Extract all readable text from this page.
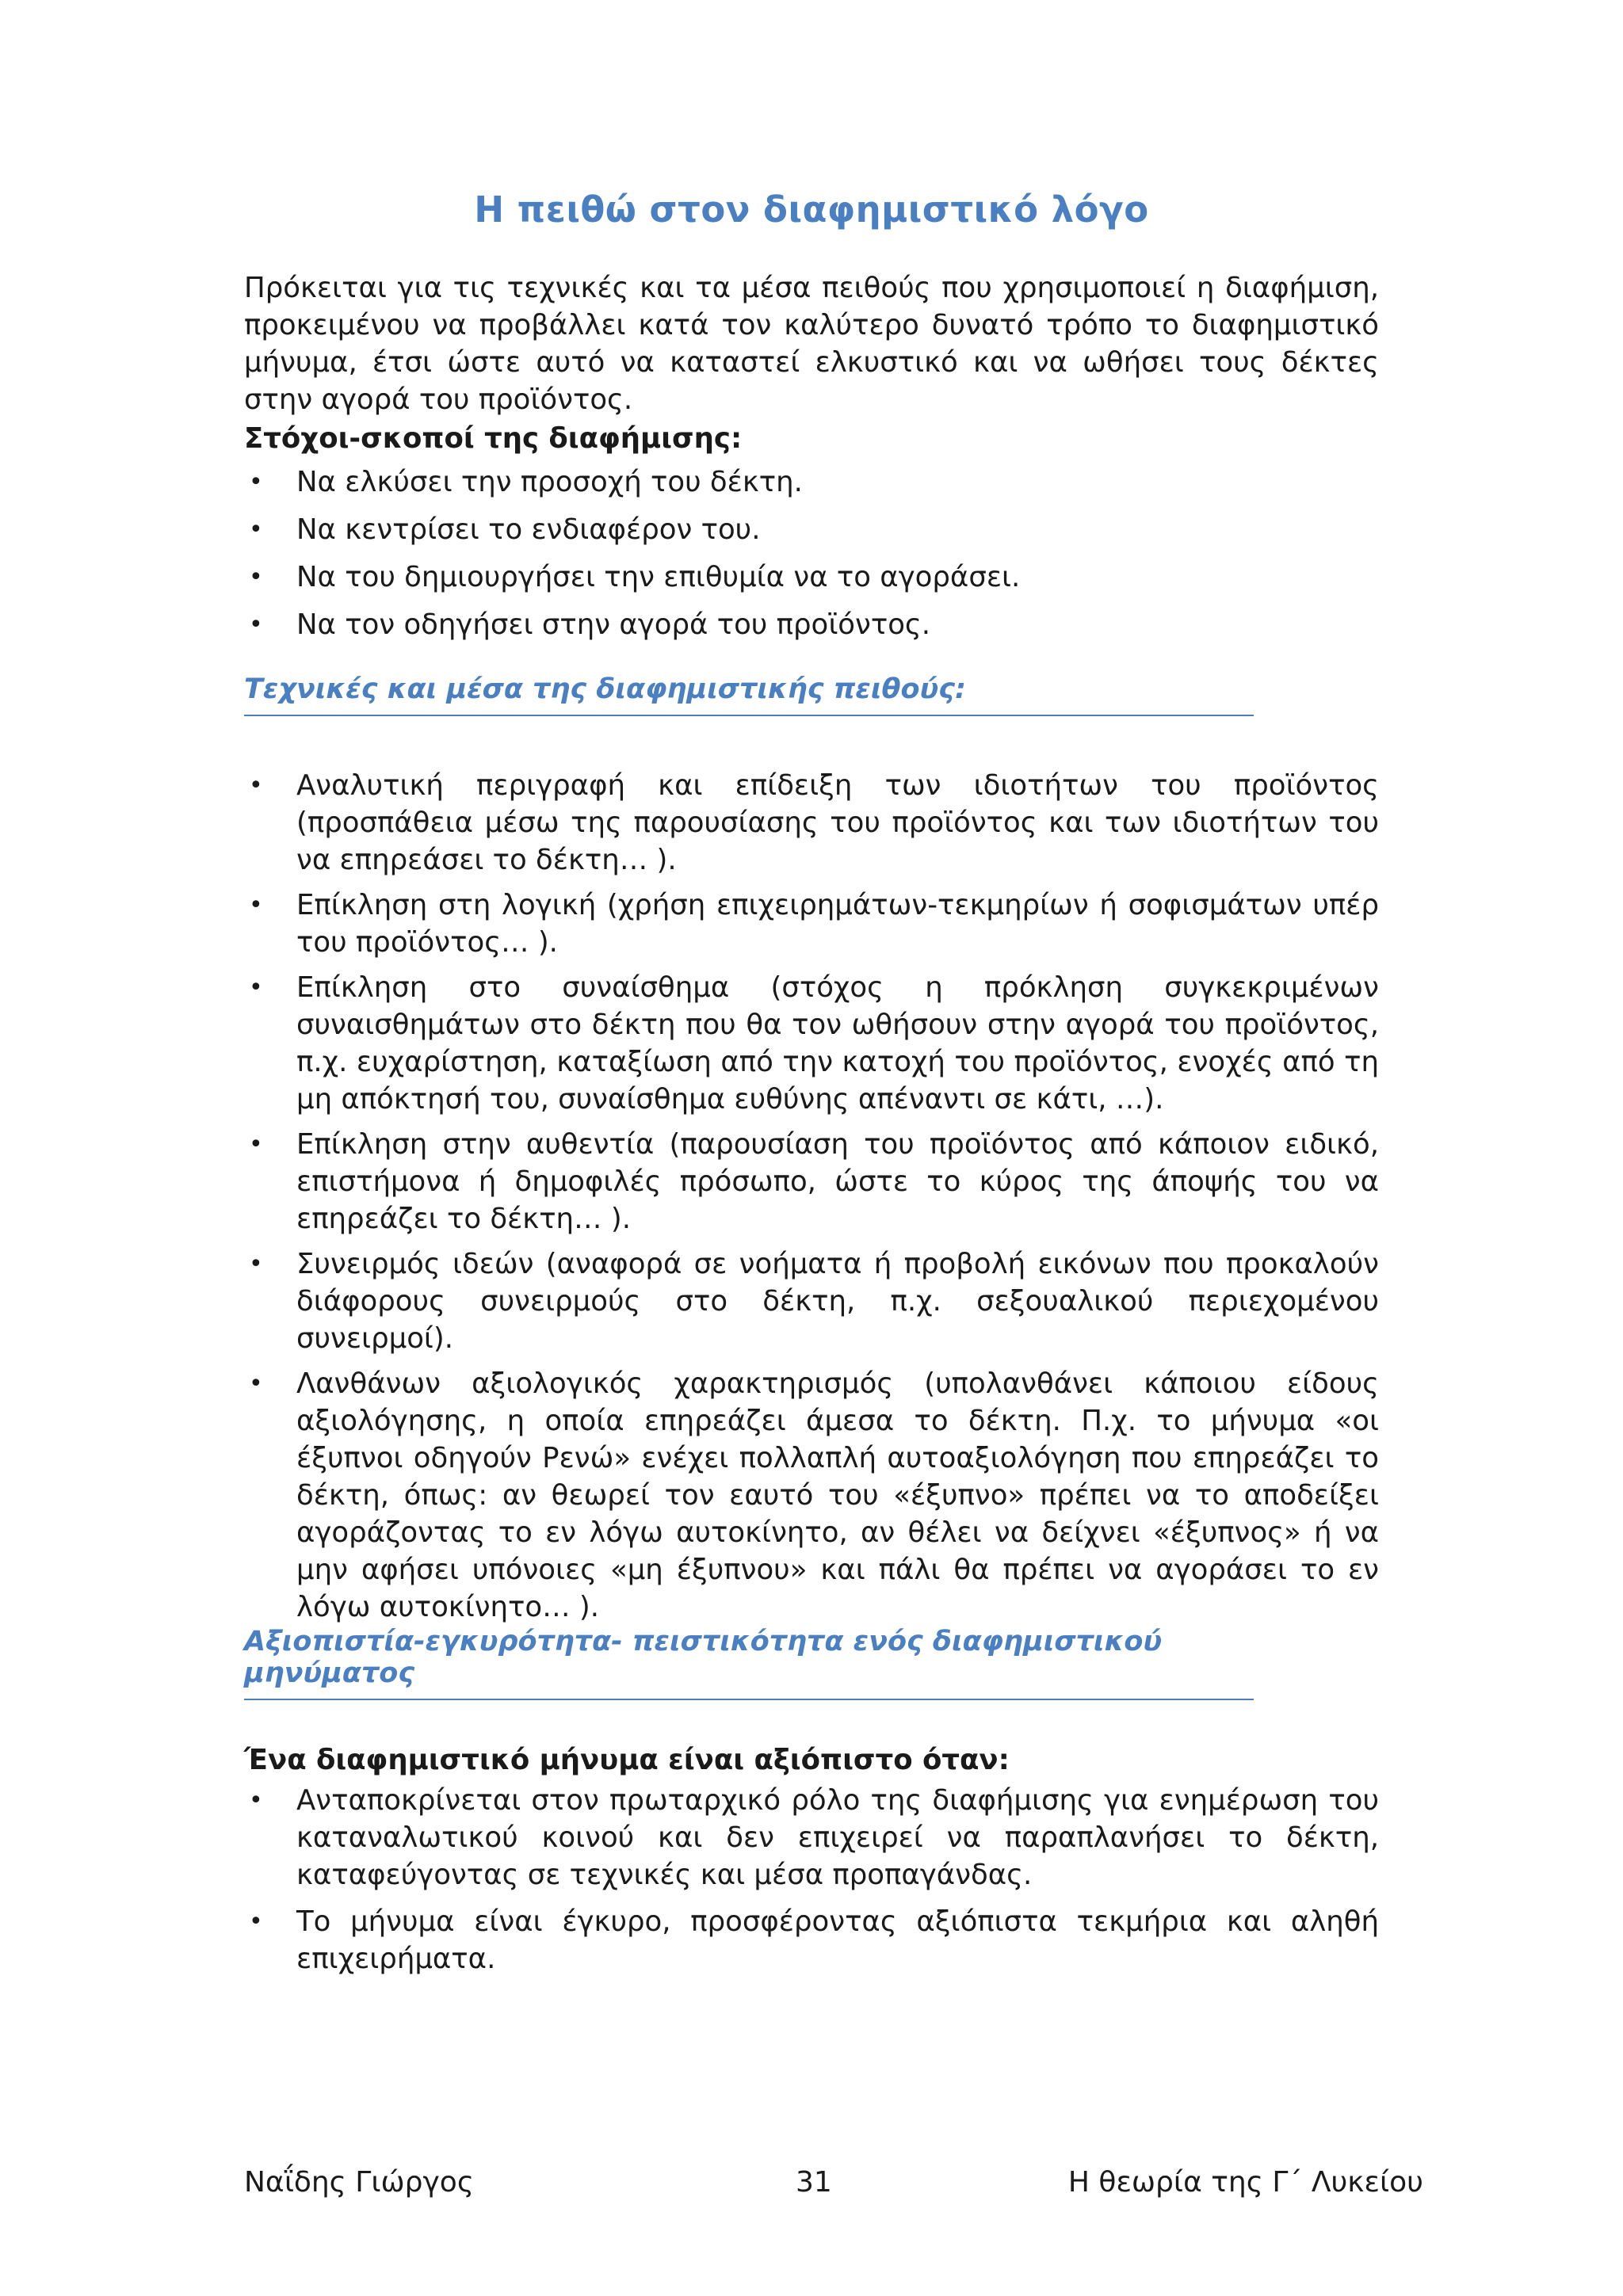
Η πειθώ στον διαφημιστικό λόγο
Πρόκειται για τις τεχνικές και τα μέσα πειθούς που χρησιμοποιεί η διαφήμιση, προκειμένου να προβάλλει κατά τον καλύτερο δυνατό τρόπο το διαφημιστικό μήνυμα, έτσι ώστε αυτό να καταστεί ελκυστικό και να ωθήσει τους δέκτες στην αγορά του προϊόντος.
Στόχοι-σκοποί της διαφήμισης:
• Να ελκύσει την προσοχή του δέκτη.
• Να κεντρίσει το ενδιαφέρον του.
• Να του δημιουργήσει την επιθυμία να το αγοράσει.
• Να τον οδηγήσει στην αγορά του προϊόντος.
Τεχνικές και μέσα της διαφημιστικής πειθούς:
• Αναλυτική περιγραφή και επίδειξη των ιδιοτήτων του προϊόντος (προσπάθεια μέσω της παρουσίασης του προϊόντος και των ιδιοτήτων του να επηρεάσει το δέκτη… ).
• Επίκληση στη λογική (χρήση επιχειρημάτων-τεκμηρίων ή σοφισμάτων υπέρ του προϊόντος… ).
• Επίκληση στο συναίσθημα (στόχος η πρόκληση συγκεκριμένων συναισθημάτων στο δέκτη που θα τον ωθήσουν στην αγορά του προϊόντος, π.χ. ευχαρίστηση, καταξίωση από την κατοχή του προϊόντος, ενοχές από τη μη απόκτησή του, συναίσθημα ευθύνης απέναντι σε κάτι, …).
• Επίκληση στην αυθεντία (παρουσίαση του προϊόντος από κάποιον ειδικό, επιστήμονα ή δημοφιλές πρόσωπο, ώστε το κύρος της άποψής του να επηρεάζει το δέκτη… ).
• Συνειρμός ιδεών (αναφορά σε νοήματα ή προβολή εικόνων που προκαλούν διάφορους συνειρμούς στο δέκτη, π.χ. σεξουαλικού περιεχομένου συνειρμοί).
• Λανθάνων αξιολογικός χαρακτηρισμός (υπολανθάνει κάποιου είδους αξιολόγησης, η οποία επηρεάζει άμεσα το δέκτη. Π.χ. το μήνυμα «οι έξυπνοι οδηγούν Ρενώ» ενέχει πολλαπλή αυτοαξιολόγηση που επηρεάζει το δέκτη, όπως: αν θεωρεί τον εαυτό του «έξυπνο» πρέπει να το αποδείξει αγοράζοντας το εν λόγω αυτοκίνητο, αν θέλει να δείχνει «έξυπνος» ή να μην αφήσει υπόνοιες «μη έξυπνου» και πάλι θα πρέπει να αγοράσει το εν λόγω αυτοκίνητο… ).
Αξιοπιστία-εγκυρότητα- πειστικότητα ενός διαφημιστικού μηνύματος
Ένα διαφημιστικό μήνυμα είναι αξιόπιστο όταν:
• Ανταποκρίνεται στον πρωταρχικό ρόλο της διαφήμισης για ενημέρωση του καταναλωτικού κοινού και δεν επιχειρεί να παραπλανήσει το δέκτη, καταφεύγοντας σε τεχνικές και μέσα προπαγάνδας.
• Το μήνυμα είναι έγκυρο, προσφέροντας αξιόπιστα τεκμήρια και αληθή επιχειρήματα.
Ναΐδης Γιώργος	31	Η θεωρία της Γ΄ Λυκείου
